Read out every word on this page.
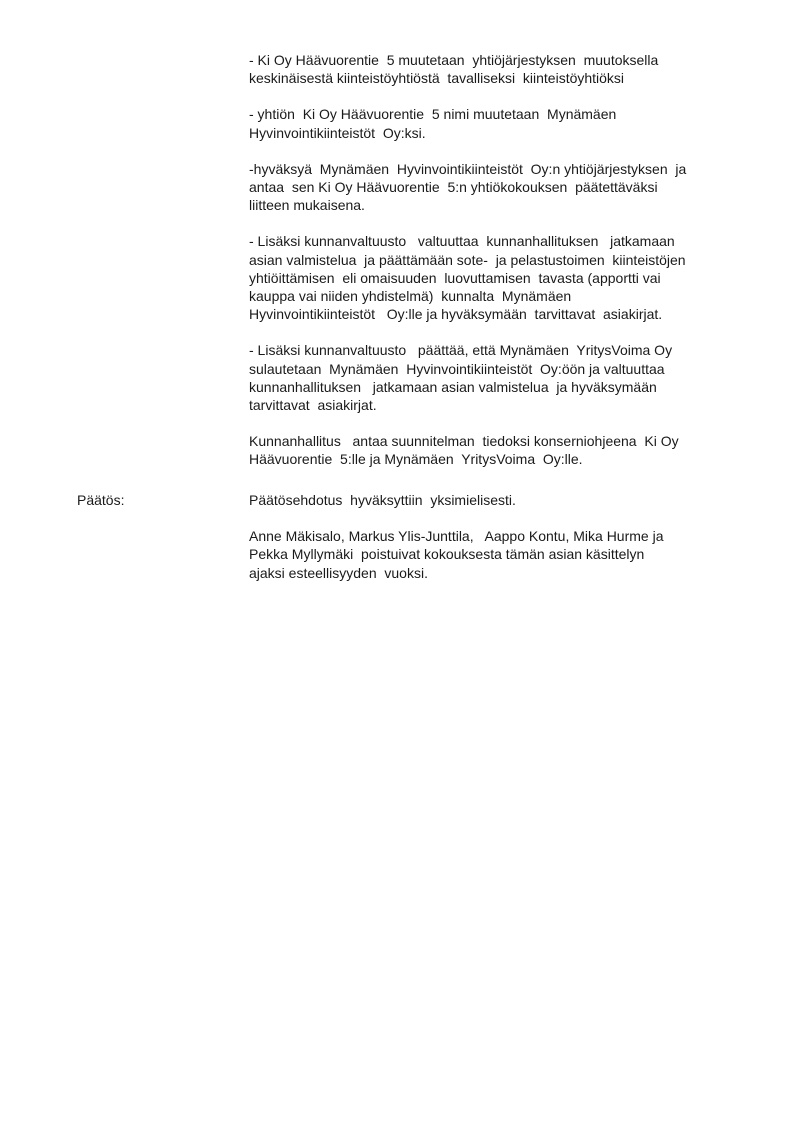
- Ki Oy Häävuorentie  5 muutetaan  yhtiöjärjestyksen  muutoksella
keskinäisestä kiinteistöyhtiöstä  tavalliseksi  kiinteistöyhtiöksi

- yhtiön  Ki Oy Häävuorentie  5 nimi muutetaan  Mynämäen
Hyvinvointikiinteistöt  Oy:ksi.

-hyväksyä  Mynämäen  Hyvinvointikiinteistöt  Oy:n yhtiöjärjestyksen  ja
antaa  sen Ki Oy Häävuorentie  5:n yhtiökokouksen  päätettäväksi
liitteen mukaisena.

- Lisäksi kunnanvaltuusto   valtuuttaa  kunnanhallituksen   jatkamaan
asian valmistelua  ja päättämään sote-  ja pelastustoimen  kiinteistöjen
yhtiöittämisen  eli omaisuuden  luovuttamisen  tavasta (apportti vai
kauppa vai niiden yhdistelmä)  kunnalta  Mynämäen
Hyvinvointikiinteistöt   Oy:lle ja hyväksymään  tarvittavat  asiakirjat.

- Lisäksi kunnanvaltuusto   päättää, että Mynämäen  YritysVoima Oy
sulautetaan  Mynämäen  Hyvinvointikiinteistöt  Oy:öön ja valtuuttaa
kunnanhallituksen   jatkamaan asian valmistelua  ja hyväksymään
tarvittavat  asiakirjat.

Kunnanhallitus   antaa suunnitelman  tiedoksi konserniohjeena  Ki Oy
Häävuorentie  5:lle ja Mynämäen  YritysVoima  Oy:lle.

Päätös:	Päätösehdotus  hyväksyttiin  yksimielisesti.

Anne Mäkisalo, Markus Ylis-Junttila,   Aappo Kontu, Mika Hurme ja
Pekka Myllymäki  poistuivat kokouksesta tämän asian käsittelyn
ajaksi esteellisyyden  vuoksi.
